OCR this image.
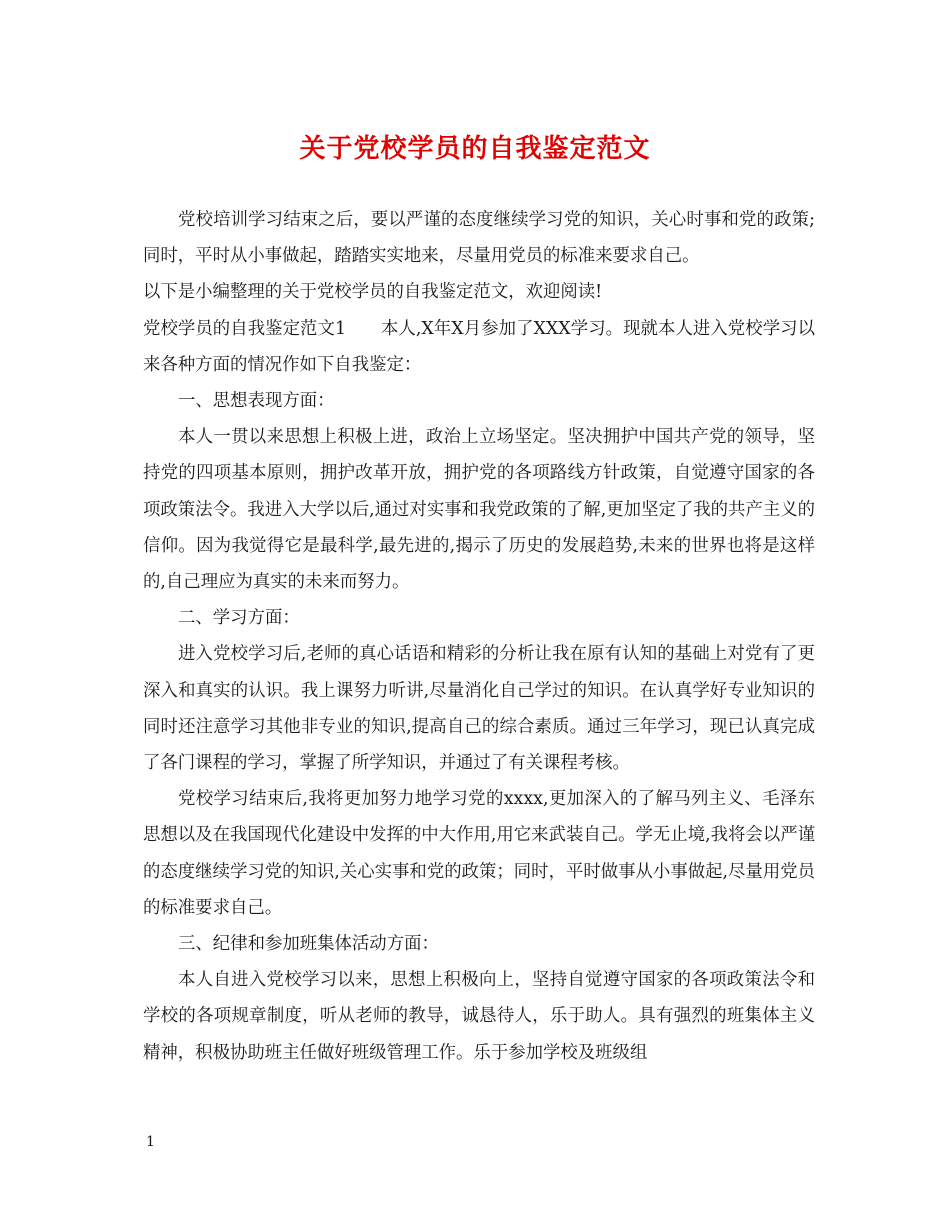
关于党校学员的自我鉴定范文

党校培训学习结束之后，要以严谨的态度继续学习党的知识，关心时事和党的政策;同时，平时从小事做起，踏踏实实地来，尽量用党员的标准来要求自己。

以下是小编整理的关于党校学员的自我鉴定范文，欢迎阅读!

党校学员的自我鉴定范文1　　本人,X年X月参加了XXX学习。现就本人进入党校学习以来各种方面的情况作如下自我鉴定：

一、思想表现方面：

本人一贯以来思想上积极上进，政治上立场坚定。坚决拥护中国共产党的领导，坚持党的四项基本原则，拥护改革开放，拥护党的各项路线方针政策，自觉遵守国家的各项政策法令。我进入大学以后,通过对实事和我党政策的了解,更加坚定了我的共产主义的信仰。因为我觉得它是最科学,最先进的,揭示了历史的发展趋势,未来的世界也将是这样的,自己理应为真实的未来而努力。

二、学习方面：

进入党校学习后,老师的真心话语和精彩的分析让我在原有认知的基础上对党有了更深入和真实的认识。我上课努力听讲,尽量消化自己学过的知识。在认真学好专业知识的同时还注意学习其他非专业的知识,提高自己的综合素质。通过三年学习，现已认真完成了各门课程的学习，掌握了所学知识，并通过了有关课程考核。

党校学习结束后,我将更加努力地学习党的xxxx,更加深入的了解马列主义、毛泽东思想以及在我国现代化建设中发挥的中大作用,用它来武装自己。学无止境,我将会以严谨的态度继续学习党的知识,关心实事和党的政策；同时，平时做事从小事做起,尽量用党员的标准要求自己。

三、纪律和参加班集体活动方面：

本人自进入党校学习以来，思想上积极向上，坚持自觉遵守国家的各项政策法令和学校的各项规章制度，听从老师的教导，诚恳待人，乐于助人。具有强烈的班集体主义精神，积极协助班主任做好班级管理工作。乐于参加学校及班级组

1
